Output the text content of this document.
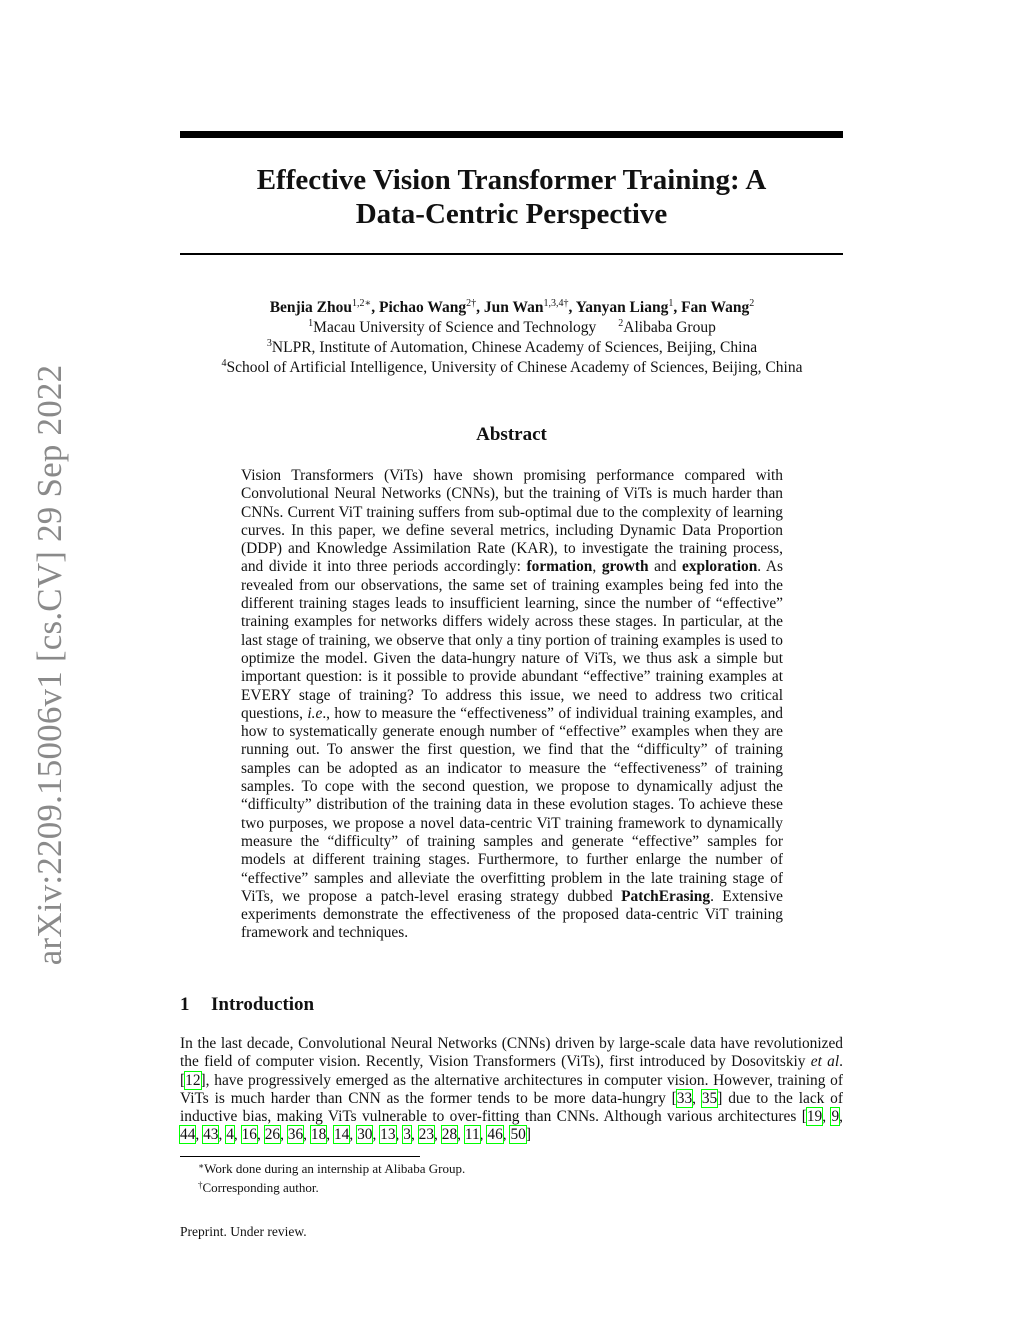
arXiv:2209.15006v1 [cs.CV] 29 Sep 2022
Effective Vision Transformer Training: A
Data-Centric Perspective
Benjia Zhou$^{1,2∗}$, Pichao Wang$^{2\dagger}$, Jun Wan$^{1,3,4\dagger}$, Yanyan Liang$^1$, Fan Wang$^2$
$^1$Macau University of Science and Technology $^2$Alibaba Group
$^3$NLPR, Institute of Automation, Chinese Academy of Sciences, Beijing, China
$^4$School of Artificial Intelligence, University of Chinese Academy of Sciences, Beijing, China
Abstract
Vision Transformers (ViTs) have shown promising performance compared with Convolutional Neural Networks (CNNs), but the training of ViTs is much harder than CNNs. Current ViT training suffers from sub-optimal due to the complexity of learning curves. In this paper, we define several metrics, including Dynamic Data Proportion (DDP) and Knowledge Assimilation Rate (KAR), to investigate the training process, and divide it into three periods accordingly: formation, growth and exploration. As revealed from our observations, the same set of training examples being fed into the different training stages leads to insufficient learning, since the number of “effective” training examples for networks differs widely across these stages. In particular, at the last stage of training, we observe that only a tiny portion of training examples is used to optimize the model. Given the data-hungry nature of ViTs, we thus ask a simple but important question: is it possible to provide abundant “effective” training examples at EVERY stage of training? To address this issue, we need to address two critical questions, i.e., how to measure the “effectiveness” of individual training examples, and how to systematically generate enough number of “effective” examples when they are running out. To answer the first question, we find that the “difficulty” of training samples can be adopted as an indicator to measure the “effectiveness” of training samples. To cope with the second question, we propose to dynamically adjust the “difficulty” distribution of the training data in these evolution stages. To achieve these two purposes, we propose a novel data-centric ViT training framework to dynamically measure the “difficulty” of training samples and generate “effective” samples for models at different training stages. Furthermore, to further enlarge the number of “effective” samples and alleviate the overfitting problem in the late training stage of ViTs, we propose a patch-level erasing strategy dubbed PatchErasing. Extensive experiments demonstrate the effectiveness of the proposed data-centric ViT training framework and techniques.
1 Introduction
In the last decade, Convolutional Neural Networks (CNNs) driven by large-scale data have revolutionized the field of computer vision. Recently, Vision Transformers (ViTs), first introduced by Dosovitskiy et al. [12], have progressively emerged as the alternative architectures in computer vision. However, training of ViTs is much harder than CNN as the former tends to be more data-hungry [33, 35] due to the lack of inductive bias, making ViTs vulnerable to over-fitting than CNNs. Although various architectures [19, 9, 44, 43, 4, 16, 26, 36, 18, 14, 30, 13, 3, 23, 28, 11, 46, 50]
∗Work done during an internship at Alibaba Group.
†Corresponding author.
Preprint. Under review.
